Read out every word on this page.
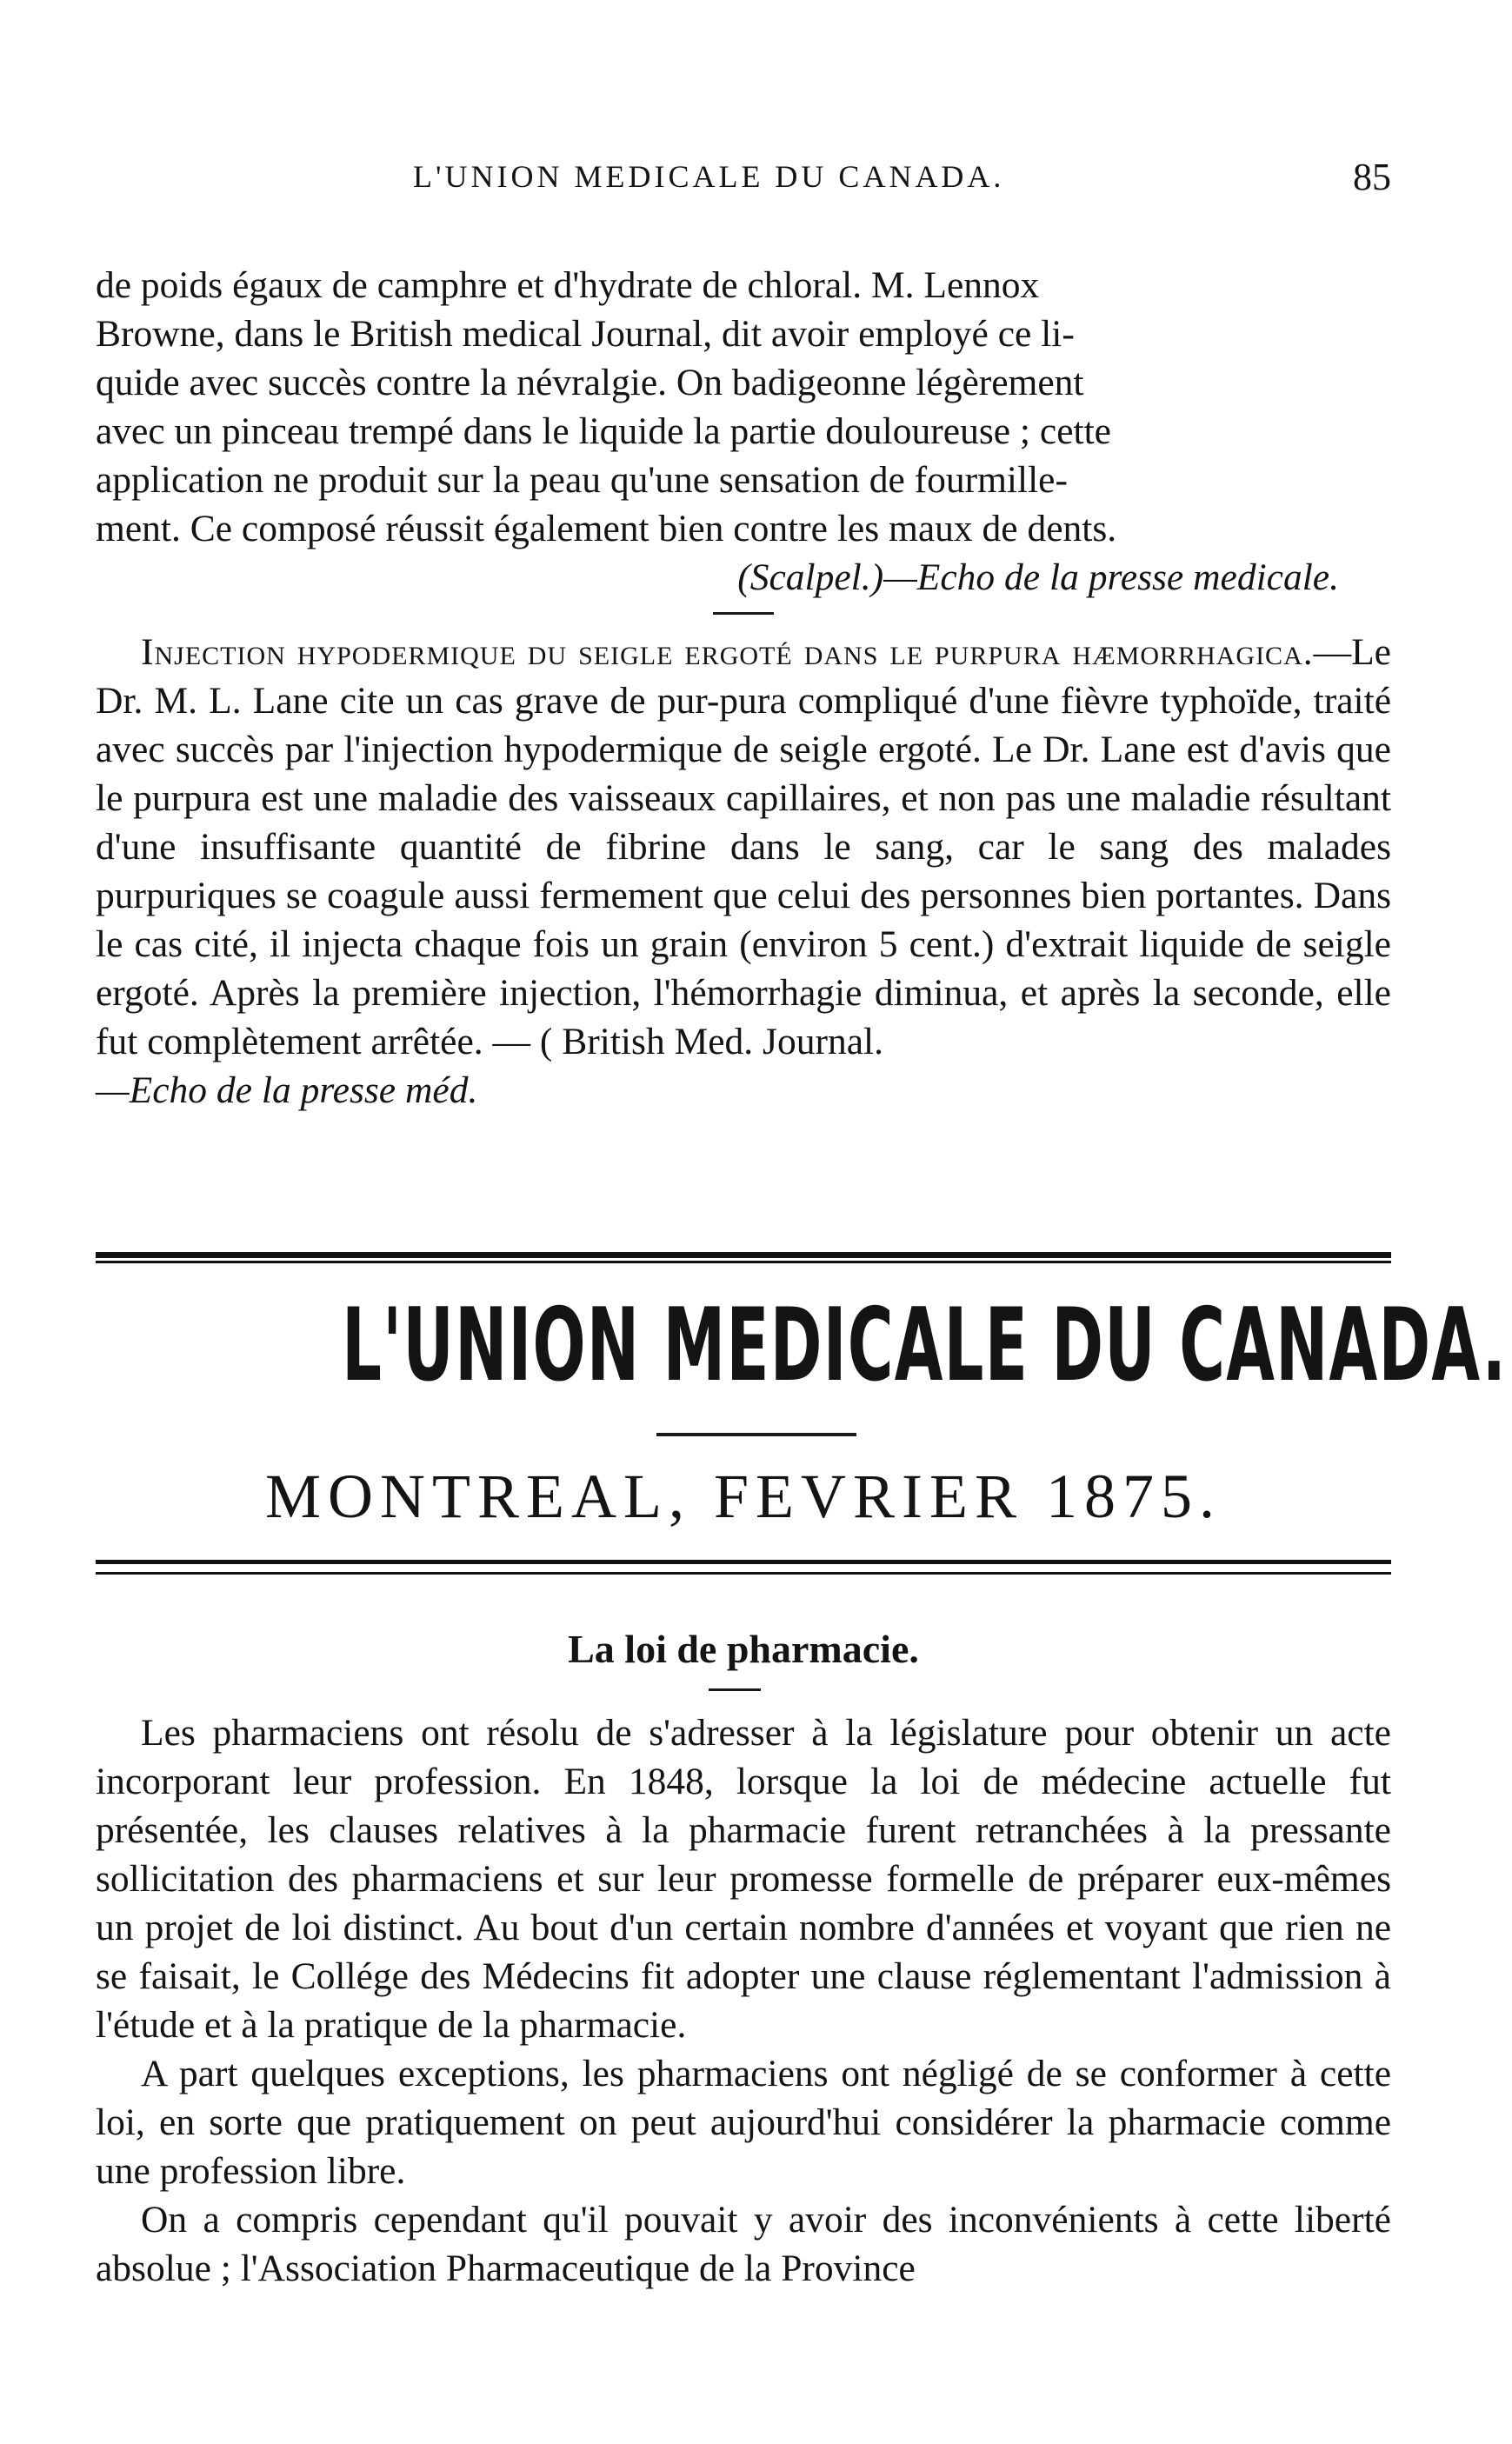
L'UNION MEDICALE DU CANADA.	85

de poids égaux de camphre et d'hydrate de chloral. M. Lennox

Browne, dans le British medical Journal, dit avoir employé ce li-

quide avec succès contre la névralgie. On badigeonne légèrement

avec un pinceau trempé dans le liquide la partie douloureuse ; cette

application ne produit sur la peau qu'une sensation de fourmille-

ment. Ce composé réussit également bien contre les maux de dents.

(Scalpel.)—Echo de la presse medicale.

Injection hypodermique du seigle ergoté dans le purpura hæmorrhagica.—Le Dr. M. L. Lane cite un cas grave de pur-pura compliqué d'une fièvre typhoïde, traité avec succès par l'injection hypodermique de seigle ergoté. Le Dr. Lane est d'avis que le purpura est une maladie des vaisseaux capillaires, et non pas une maladie résultant d'une insuffisante quantité de fibrine dans le sang, car le sang des malades purpuriques se coagule aussi fermement que celui des personnes bien portantes. Dans le cas cité, il injecta chaque fois un grain (environ 5 cent.) d'extrait liquide de seigle ergoté. Après la première injection, l'hémorrhagie diminua, et après la seconde, elle fut complètement arrêtée. — ( British Med. Journal.

—Echo de la presse méd.

L'UNION MEDICALE DU CANADA.
MONTREAL, FEVRIER 1875.
La loi de pharmacie.

Les pharmaciens ont résolu de s'adresser à la législature pour obtenir un acte incorporant leur profession. En 1848, lorsque la loi de médecine actuelle fut présentée, les clauses relatives à la pharmacie furent retranchées à la pressante sollicitation des pharmaciens et sur leur promesse formelle de préparer eux-mêmes un projet de loi distinct. Au bout d'un certain nombre d'années et voyant que rien ne se faisait, le Collége des Médecins fit adopter une clause réglementant l'admission à l'étude et à la pratique de la pharmacie.

A part quelques exceptions, les pharmaciens ont négligé de se conformer à cette loi, en sorte que pratiquement on peut aujourd'hui considérer la pharmacie comme une profession libre.

On a compris cependant qu'il pouvait y avoir des inconvénients à cette liberté absolue ; l'Association Pharmaceutique de la Province
